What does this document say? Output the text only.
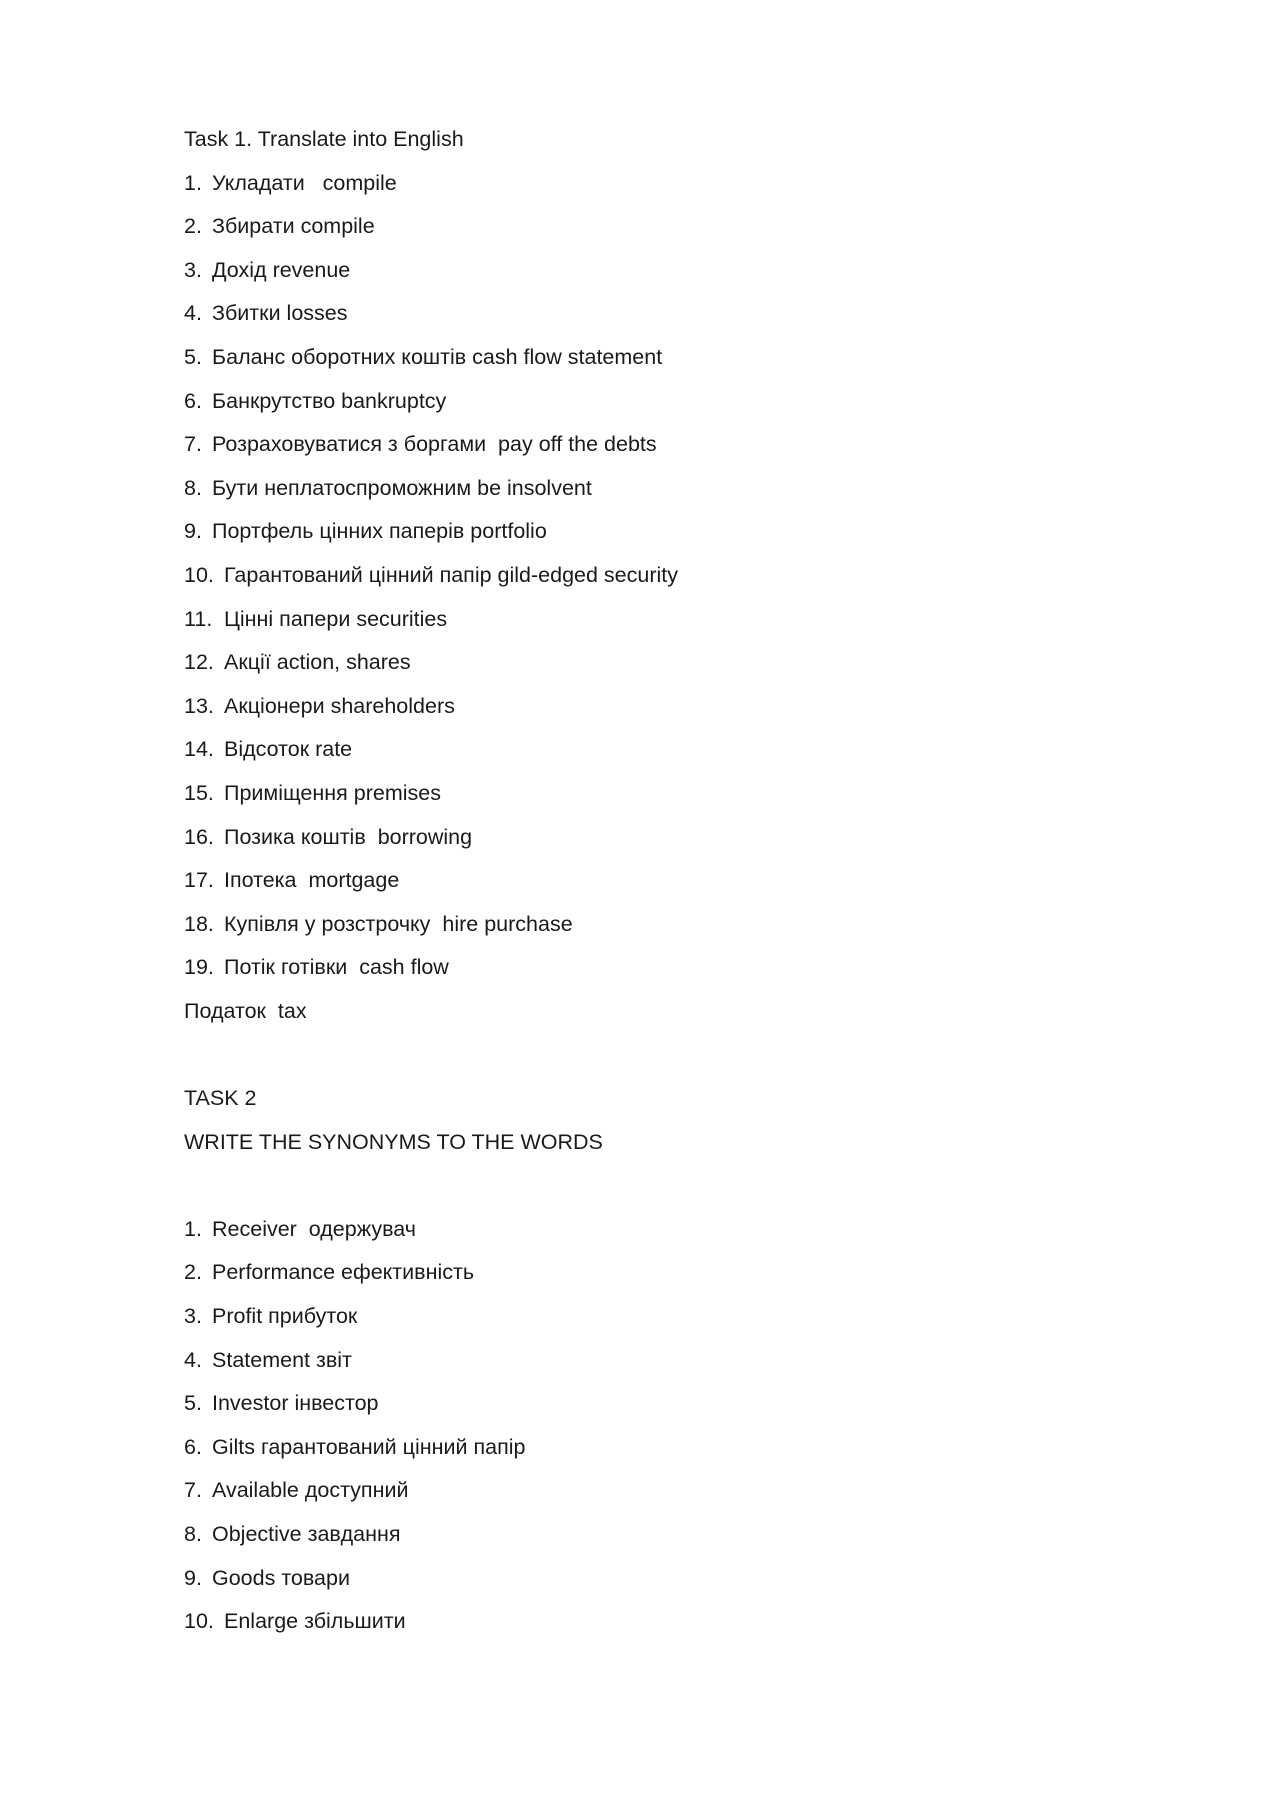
Task 1. Translate into English
1. Укладати   compile
2. Збирати compile
3. Дохід revenue
4. Збитки losses
5. Баланс оборотних коштів cash flow statement
6. Банкрутство bankruptcy
7. Розраховуватися з боргами  pay off the debts
8. Бути неплатоспроможним be insolvent
9. Портфель цінних паперів portfolio
10. Гарантований цінний папір gild-edged security
11. Цінні папери securities
12. Акції action, shares
13. Акціонери shareholders
14. Відсоток rate
15. Приміщення premises
16. Позика коштів  borrowing
17. Іпотека  mortgage
18. Купівля у розстрочку  hire purchase
19. Потік готівки  cash flow
Податок  tax
TASK 2
WRITE THE SYNONYMS TO THE WORDS
1. Receiver  одержувач
2. Performance ефективність
3. Profit прибуток
4. Statement звіт
5. Investor інвестор
6. Gilts гарантований цінний папір
7. Available доступний
8. Objective завдання
9. Goods товари
10. Enlarge збільшити
